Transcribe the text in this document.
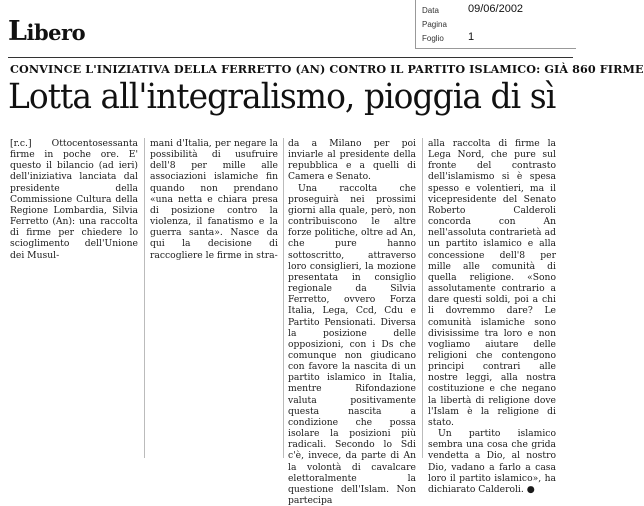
Libero
Data	09/06/2002
Pagina
Foglio 1
CONVINCE L'INIZIATIVA DELLA FERRETTO (AN) CONTRO IL PARTITO ISLAMICO: GIÀ 860 FIRME
Lotta all'integralismo, pioggia di sì

[r.c.] Ottocentosessanta firme in poche ore. E' questo il bilancio (ad ieri) dell'iniziativa lanciata dal presidente della Commissione Cultura della Regione Lombardia, Silvia Ferretto (An): una raccolta di firme per chiedere lo scioglimento dell'Unione dei Musul-

mani d'Italia, per negare la possibilità di usufruire dell'8 per mille alle associazioni islamiche fin quando non prendano «una netta e chiara presa di posizione contro la violenza, il fanatismo e la guerra santa». Nasce da qui la decisione di raccogliere le firme in stra-

da a Milano per poi inviarle al presidente della repubblica e a quelli di Camera e Senato.

Una raccolta che proseguirà nei prossimi giorni alla quale, però, non contribuiscono le altre forze politiche, oltre ad An, che pure hanno sottoscritto, attraverso loro consiglieri, la mozione presentata in consiglio regionale da Silvia Ferretto, ovvero Forza Italia, Lega, Ccd, Cdu e Partito Pensionati. Diversa la posizione delle opposizioni, con i Ds che comunque non giudicano con favore la nascita di un partito islamico in Italia, mentre Rifondazione valuta positivamente questa nascita a condizione che possa isolare la posizioni più radicali. Secondo lo Sdi c'è, invece, da parte di An la volontà di cavalcare elettoralmente la questione dell'Islam. Non partecipa

alla raccolta di firme la Lega Nord, che pure sul fronte del contrasto dell'islamismo si è spesa spesso e volentieri, ma il vicepresidente del Senato Roberto Calderoli concorda con An nell'assoluta contrarietà ad un partito islamico e alla concessione dell'8 per mille alle comunità di quella religione. «Sono assolutamente contrario a dare questi soldi, poi a chi li dovremmo dare? Le comunità islamiche sono divisissime tra loro e non vogliamo aiutare delle religioni che contengono principi contrari alle nostre leggi, alla nostra costituzione e che negano la libertà di religione dove l'Islam è la religione di stato.

Un partito islamico sembra una cosa che grida vendetta a Dio, al nostro Dio, vadano a farlo a casa loro il partito islamico», ha dichiarato Calderoli. ●
